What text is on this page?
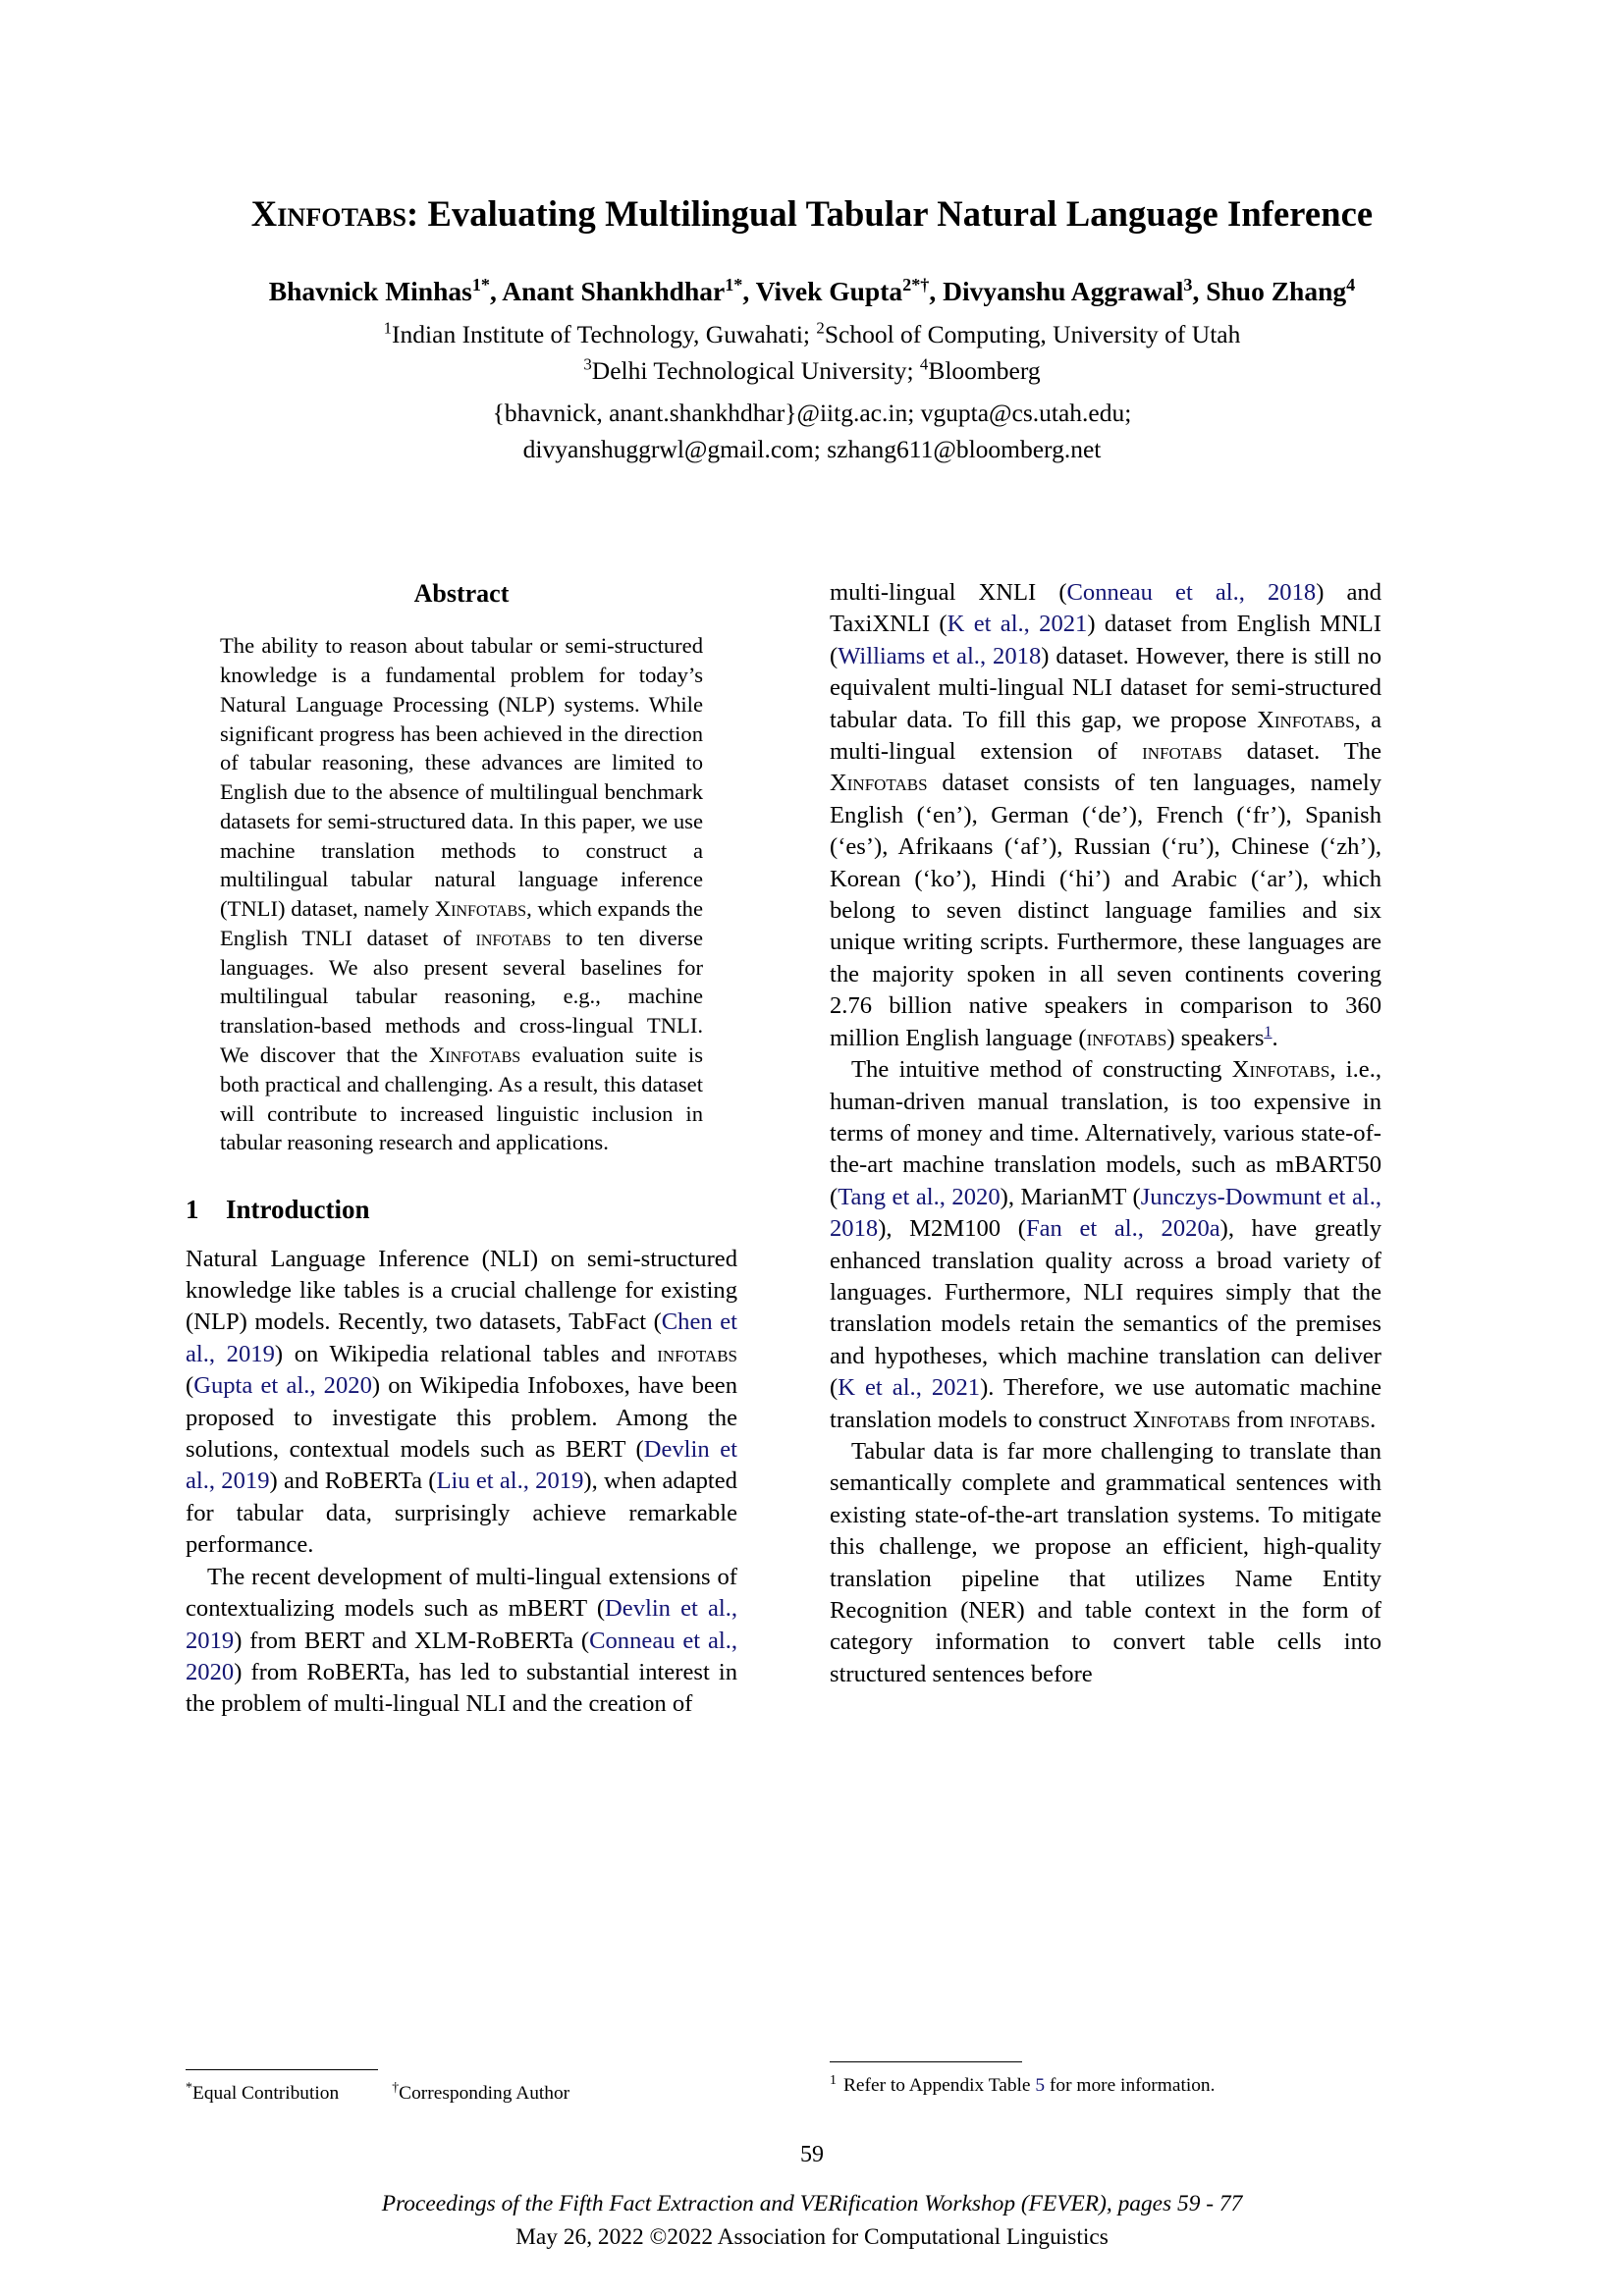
Xinfotabs: Evaluating Multilingual Tabular Natural Language Inference
Bhavnick Minhas$^{1*}$, Anant Shankhdhar$^{1*}$, Vivek Gupta$^{2*\dagger}$, Divyanshu Aggrawal$^3$, Shuo Zhang$^4$
$^1$Indian Institute of Technology, Guwahati; $^2$School of Computing, University of Utah
$^3$Delhi Technological University; $^4$Bloomberg
{bhavnick, anant.shankhdhar}@iitg.ac.in; vgupta@cs.utah.edu;
divyanshuggrwl@gmail.com; szhang611@bloomberg.net
Abstract
The ability to reason about tabular or semi-structured knowledge is a fundamental problem for today’s Natural Language Processing (NLP) systems. While significant progress has been achieved in the direction of tabular reasoning, these advances are limited to English due to the absence of multilingual benchmark datasets for semi-structured data. In this paper, we use machine translation methods to construct a multilingual tabular natural language inference (TNLI) dataset, namely Xinfotabs, which expands the English TNLI dataset of infotabs to ten diverse languages. We also present several baselines for multilingual tabular reasoning, e.g., machine translation-based methods and cross-lingual TNLI. We discover that the Xinfotabs evaluation suite is both practical and challenging. As a result, this dataset will contribute to increased linguistic inclusion in tabular reasoning research and applications.
1 Introduction

Natural Language Inference (NLI) on semi-structured knowledge like tables is a crucial challenge for existing (NLP) models. Recently, two datasets, TabFact (Chen et al., 2019) on Wikipedia relational tables and infotabs (Gupta et al., 2020) on Wikipedia Infoboxes, have been proposed to investigate this problem. Among the solutions, contextual models such as BERT (Devlin et al., 2019) and RoBERTa (Liu et al., 2019), when adapted for tabular data, surprisingly achieve remarkable performance.

The recent development of multi-lingual extensions of contextualizing models such as mBERT (Devlin et al., 2019) from BERT and XLM-RoBERTa (Conneau et al., 2020) from RoBERTa, has led to substantial interest in the problem of multi-lingual NLI and the creation of

multi-lingual XNLI (Conneau et al., 2018) and TaxiXNLI (K et al., 2021) dataset from English MNLI (Williams et al., 2018) dataset. However, there is still no equivalent multi-lingual NLI dataset for semi-structured tabular data. To fill this gap, we propose Xinfotabs, a multi-lingual extension of infotabs dataset. The Xinfotabs dataset consists of ten languages, namely English (‘en’), German (‘de’), French (‘fr’), Spanish (‘es’), Afrikaans (‘af’), Russian (‘ru’), Chinese (‘zh’), Korean (‘ko’), Hindi (‘hi’) and Arabic (‘ar’), which belong to seven distinct language families and six unique writing scripts. Furthermore, these languages are the majority spoken in all seven continents covering 2.76 billion native speakers in comparison to 360 million English language (infotabs) speakers$^1$.

The intuitive method of constructing Xinfotabs, i.e., human-driven manual translation, is too expensive in terms of money and time. Alternatively, various state-of-the-art machine translation models, such as mBART50 (Tang et al., 2020), MarianMT (Junczys-Dowmunt et al., 2018), M2M100 (Fan et al., 2020a), have greatly enhanced translation quality across a broad variety of languages. Furthermore, NLI requires simply that the translation models retain the semantics of the premises and hypotheses, which machine translation can deliver (K et al., 2021). Therefore, we use automatic machine translation models to construct Xinfotabs from infotabs.

Tabular data is far more challenging to translate than semantically complete and grammatical sentences with existing state-of-the-art translation systems. To mitigate this challenge, we propose an efficient, high-quality translation pipeline that utilizes Name Entity Recognition (NER) and table context in the form of category information to convert table cells into structured sentences before

*Equal Contribution	†Corresponding Author
$^1$ Refer to Appendix Table 5 for more information.
59
Proceedings of the Fifth Fact Extraction and VERification Workshop (FEVER), pages 59 - 77
May 26, 2022 ©2022 Association for Computational Linguistics
